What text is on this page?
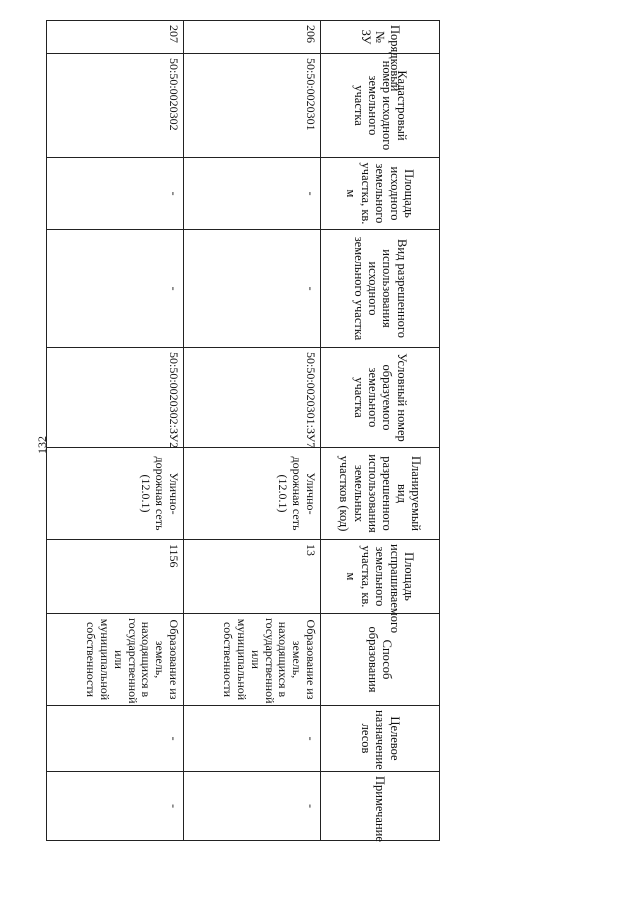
132
Порядковый № ЗУ	Кадастровый номер исходного земельного участка	Площадь исходного земельного участка, кв. м	Вид разрешенного использования исходного земельного участка	Условный номер образуемого земельного участка	Планируемый вид разрешенного использования земельных участков (код)	Площадь испрашиваемого земельного участка, кв. м	Способ образования	Целевое назначение лесов	Примечание
206	50:50:0020301	-	-	50:50:0020301:ЗУ7	Улично-дорожная сеть (12.0.1)	13	Образование из земель, находящихся в государственной или муниципальной собственности	-	-
207	50:50:0020302	-	-	50:50:0020302:ЗУ2	Улично-дорожная сеть (12.0.1)	1156	Образование из земель, находящихся в государственной или муниципальной собственности	-	-
